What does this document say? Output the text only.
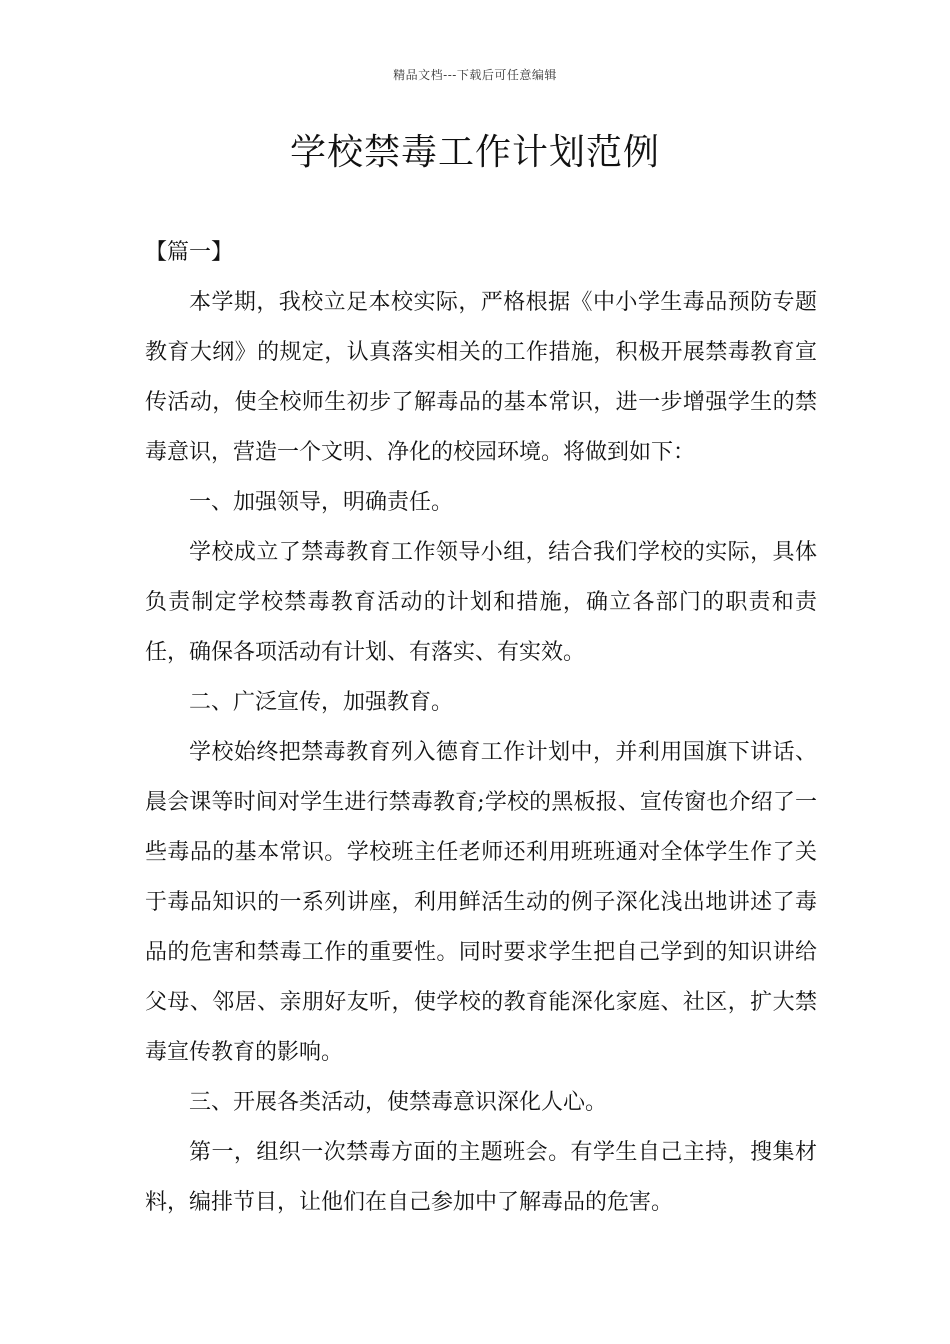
精品文档---下载后可任意编辑
学校禁毒工作计划范例

【篇一】

本学期，我校立足本校实际，严格根据《中小学生毒品预防专题教育大纲》的规定，认真落实相关的工作措施，积极开展禁毒教育宣传活动，使全校师生初步了解毒品的基本常识，进一步增强学生的禁毒意识，营造一个文明、净化的校园环境。将做到如下：

一、加强领导，明确责任。

学校成立了禁毒教育工作领导小组，结合我们学校的实际，具体负责制定学校禁毒教育活动的计划和措施，确立各部门的职责和责任，确保各项活动有计划、有落实、有实效。

二、广泛宣传，加强教育。

学校始终把禁毒教育列入德育工作计划中，并利用国旗下讲话、晨会课等时间对学生进行禁毒教育;学校的黑板报、宣传窗也介绍了一些毒品的基本常识。学校班主任老师还利用班班通对全体学生作了关于毒品知识的一系列讲座，利用鲜活生动的例子深化浅出地讲述了毒品的危害和禁毒工作的重要性。同时要求学生把自己学到的知识讲给父母、邻居、亲朋好友听，使学校的教育能深化家庭、社区，扩大禁毒宣传教育的影响。

三、开展各类活动，使禁毒意识深化人心。

第一，组织一次禁毒方面的主题班会。有学生自己主持，搜集材料，编排节目，让他们在自己参加中了解毒品的危害。
